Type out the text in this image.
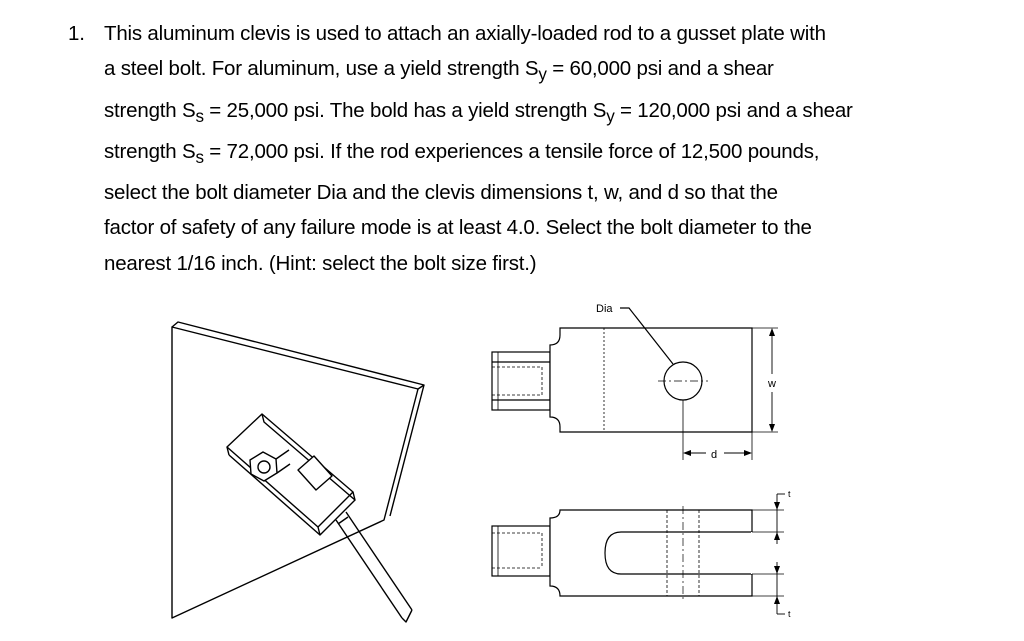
1. This aluminum clevis is used to attach an axially-loaded rod to a gusset plate with
a steel bolt. For aluminum, use a yield strength $S_y = 60,000$ psi and a shear
strength $S_s = 25,000$ psi. The bold has a yield strength $S_y = 120,000$ psi and a shear
strength $S_s = 72,000$ psi. If the rod experiences a tensile force of 12,500 pounds,
select the bolt diameter Dia and the clevis dimensions t, w, and d so that the
factor of safety of any failure mode is at least 4.0. Select the bolt diameter to the
nearest 1/16 inch. (Hint: select the bolt size first.)
Dia
w
d
t
t
